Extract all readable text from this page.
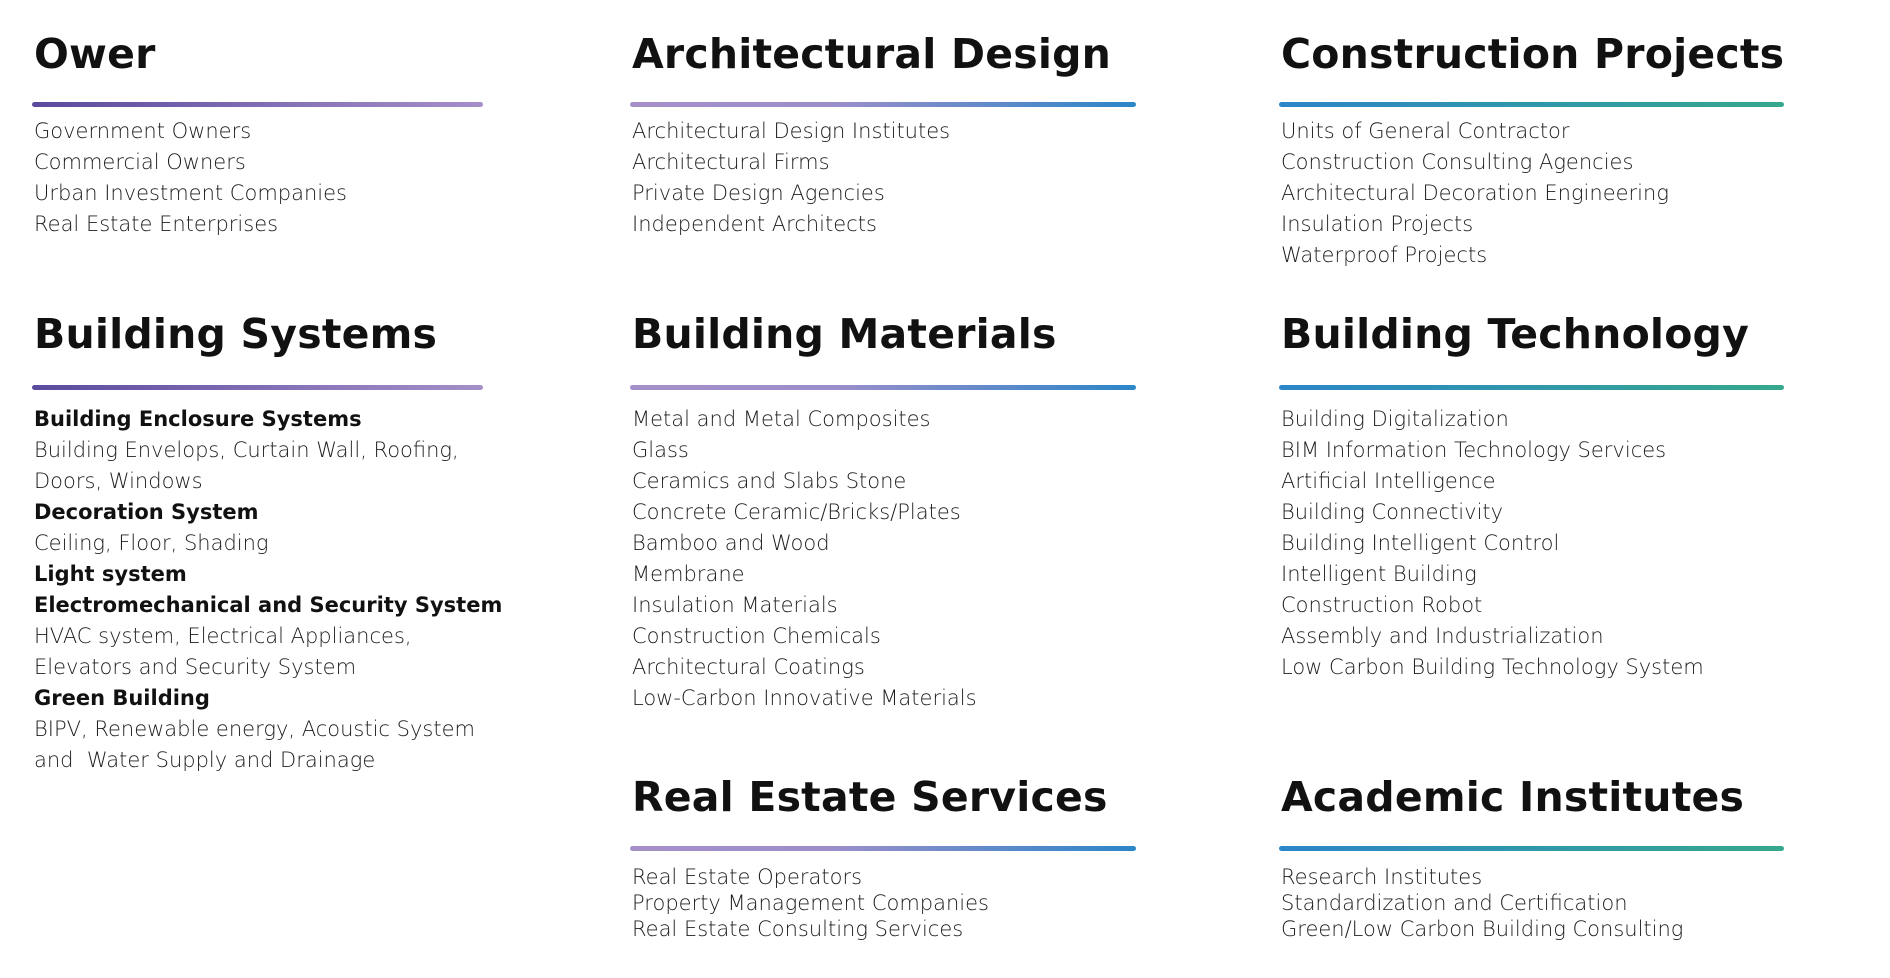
Ower
Government Owners
Commercial Owners
Urban Investment Companies
Real Estate Enterprises
Building Systems
Building Enclosure Systems
Building Envelops, Curtain Wall, Roofing,
Doors, Windows
Decoration System
Ceiling, Floor, Shading
Light system
Electromechanical and Security System
HVAC system, Electrical Appliances,
Elevators and Security System
Green Building
BIPV, Renewable energy, Acoustic System
and  Water Supply and Drainage
Architectural Design
Architectural Design Institutes
Architectural Firms
Private Design Agencies
Independent Architects
Building Materials
Metal and Metal Composites
Glass
Ceramics and Slabs Stone
Concrete Ceramic/Bricks/Plates
Bamboo and Wood
Membrane
Insulation Materials
Construction Chemicals
Architectural Coatings
Low-Carbon Innovative Materials
Real Estate Services
Real Estate Operators
Property Management Companies
Real Estate Consulting Services
Construction Projects
Units of General Contractor
Construction Consulting Agencies
Architectural Decoration Engineering
Insulation Projects
Waterproof Projects
Building Technology
Building Digitalization
BIM Information Technology Services
Artificial Intelligence
Building Connectivity
Building Intelligent Control
Intelligent Building
Construction Robot
Assembly and Industrialization
Low Carbon Building Technology System
Academic Institutes
Research Institutes
Standardization and Certification
Green/Low Carbon Building Consulting
